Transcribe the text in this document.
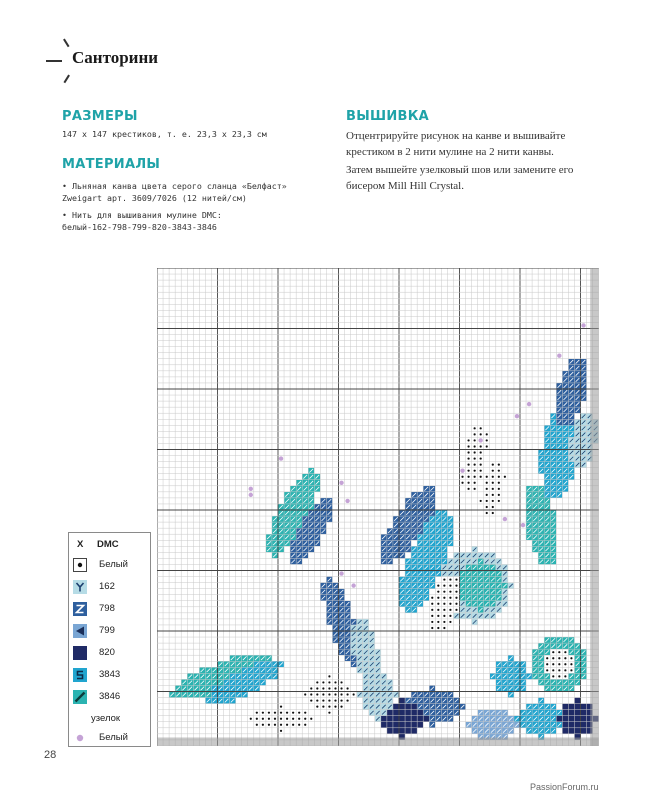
Санторини
РАЗМЕРЫ
147 х 147 крестиков, т. е. 23,3 х 23,3 см
МАТЕРИАЛЫ
• Льняная канва цвета серого сланца «Белфаст»
Zweigart арт. 3609/7026 (12 нитей/см)
• Нить для вышивания мулине DMC:
белый-162-798-799-820-3843-3846
ВЫШИВКА
Отцентрируйте рисунок на канве и вышивайте крестиком в 2 нити мулине на 2 нити канвы.
Затем вышейте узелковый шов или замените его бисером Mill Hill Crystal.
X DMC
Белый
162
798
799
820
3843
3846
узелок
Белый
28
PassionForum.ru
